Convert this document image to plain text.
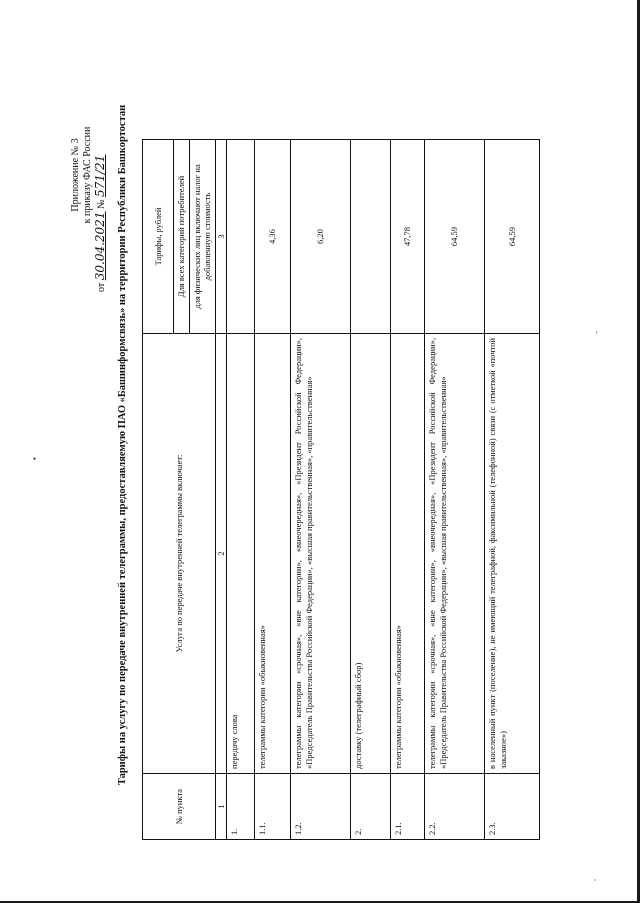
•
⸱
'
Приложение № 3 к приказу ФАС России
от 30.04.2021 № 571/21 Тарифы на услугу по передаче внутренней телеграммы, предоставляемую ПАО «Башинформсвязь» на территории Республики Башкортостан
№ пункта	Услуга по передаче внутренней телеграммы включает:	Тарифы, рублей
		Для всех категорий потребителей
		для физических лиц включают налог на добавленную стоимость
1	2	3
1.	передачу слова	
1.1.	телеграммы категории «обыкновенная»	4,36
1.2.	телеграммы категории «срочная», «вне категории», «внеочередная», «Президент Российской Федерации», «Председатель Правительства Российской Федерации», «высшая правительственная», «правительственная»	6,20
2.	доставку (телеграфный сбор)	
2.1.	телеграммы категории «обыкновенная»	47,78
2.2.	телеграммы категории «срочная», «вне категории», «внеочередная», «Президент Российской Федерации», «Председатель Правительства Российской Федерации», «высшая правительственная», «правительственная»	64,59
2.3.	в населенный пункт (поселение), не имеющий телеграфной, факсимильной (телефонной) связи (с отметкой «почтой заказное»)	64,59
